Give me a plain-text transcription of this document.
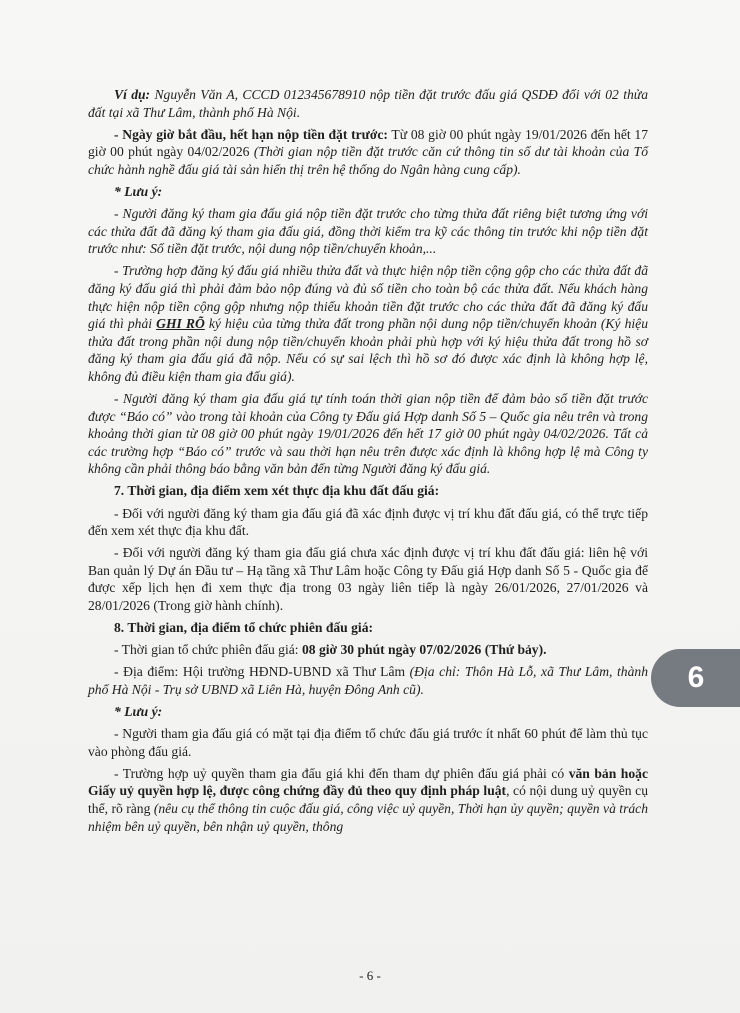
Ví dụ: Nguyễn Văn A, CCCD 012345678910 nộp tiền đặt trước đấu giá QSDĐ đối với 02 thửa đất tại xã Thư Lâm, thành phố Hà Nội.

- Ngày giờ bắt đầu, hết hạn nộp tiền đặt trước: Từ 08 giờ 00 phút ngày 19/01/2026 đến hết 17 giờ 00 phút ngày 04/02/2026 (Thời gian nộp tiền đặt trước căn cứ thông tin số dư tài khoản của Tổ chức hành nghề đấu giá tài sản hiển thị trên hệ thống do Ngân hàng cung cấp).

* Lưu ý:

- Người đăng ký tham gia đấu giá nộp tiền đặt trước cho từng thửa đất riêng biệt tương ứng với các thửa đất đã đăng ký tham gia đấu giá, đồng thời kiểm tra kỹ các thông tin trước khi nộp tiền đặt trước như: Số tiền đặt trước, nội dung nộp tiền/chuyển khoản,...

- Trường hợp đăng ký đấu giá nhiều thửa đất và thực hiện nộp tiền cộng gộp cho các thửa đất đã đăng ký đấu giá thì phải đảm bảo nộp đúng và đủ số tiền cho toàn bộ các thửa đất. Nếu khách hàng thực hiện nộp tiền cộng gộp nhưng nộp thiếu khoản tiền đặt trước cho các thửa đất đã đăng ký đấu giá thì phải GHI RÕ ký hiệu của từng thửa đất trong phần nội dung nộp tiền/chuyển khoản (Ký hiệu thửa đất trong phần nội dung nộp tiền/chuyển khoản phải phù hợp với ký hiệu thửa đất trong hồ sơ đăng ký tham gia đấu giá đã nộp. Nếu có sự sai lệch thì hồ sơ đó được xác định là không hợp lệ, không đủ điều kiện tham gia đấu giá).

- Người đăng ký tham gia đấu giá tự tính toán thời gian nộp tiền để đảm bảo số tiền đặt trước được “Báo có” vào trong tài khoản của Công ty Đấu giá Hợp danh Số 5 – Quốc gia nêu trên và trong khoảng thời gian từ 08 giờ 00 phút ngày 19/01/2026 đến hết 17 giờ 00 phút ngày 04/02/2026. Tất cả các trường hợp “Báo có” trước và sau thời hạn nêu trên được xác định là không hợp lệ mà Công ty không cần phải thông báo bằng văn bản đến từng Người đăng ký đấu giá.

7. Thời gian, địa điểm xem xét thực địa khu đất đấu giá:

- Đối với người đăng ký tham gia đấu giá đã xác định được vị trí khu đất đấu giá, có thể trực tiếp đến xem xét thực địa khu đất.

- Đối với người đăng ký tham gia đấu giá chưa xác định được vị trí khu đất đấu giá: liên hệ với Ban quản lý Dự án Đầu tư – Hạ tầng xã Thư Lâm hoặc Công ty Đấu giá Hợp danh Số 5 - Quốc gia để được xếp lịch hẹn đi xem thực địa trong 03 ngày liên tiếp là ngày 26/01/2026, 27/01/2026 và 28/01/2026 (Trong giờ hành chính).

8. Thời gian, địa điểm tổ chức phiên đấu giá:

- Thời gian tổ chức phiên đấu giá: 08 giờ 30 phút ngày 07/02/2026 (Thứ bảy).

- Địa điểm: Hội trường HĐND-UBND xã Thư Lâm (Địa chỉ: Thôn Hà Lỗ, xã Thư Lâm, thành phố Hà Nội - Trụ sở UBND xã Liên Hà, huyện Đông Anh cũ).

* Lưu ý:

- Người tham gia đấu giá có mặt tại địa điểm tổ chức đấu giá trước ít nhất 60 phút để làm thủ tục vào phòng đấu giá.

- Trường hợp uỷ quyền tham gia đấu giá khi đến tham dự phiên đấu giá phải có văn bản hoặc Giấy uỷ quyền hợp lệ, được công chứng đầy đủ theo quy định pháp luật, có nội dung uỷ quyền cụ thể, rõ ràng (nêu cụ thể thông tin cuộc đấu giá, công việc uỷ quyền, Thời hạn ủy quyền; quyền và trách nhiệm bên uỷ quyền, bên nhận uỷ quyền, thông

- 6 -
6
